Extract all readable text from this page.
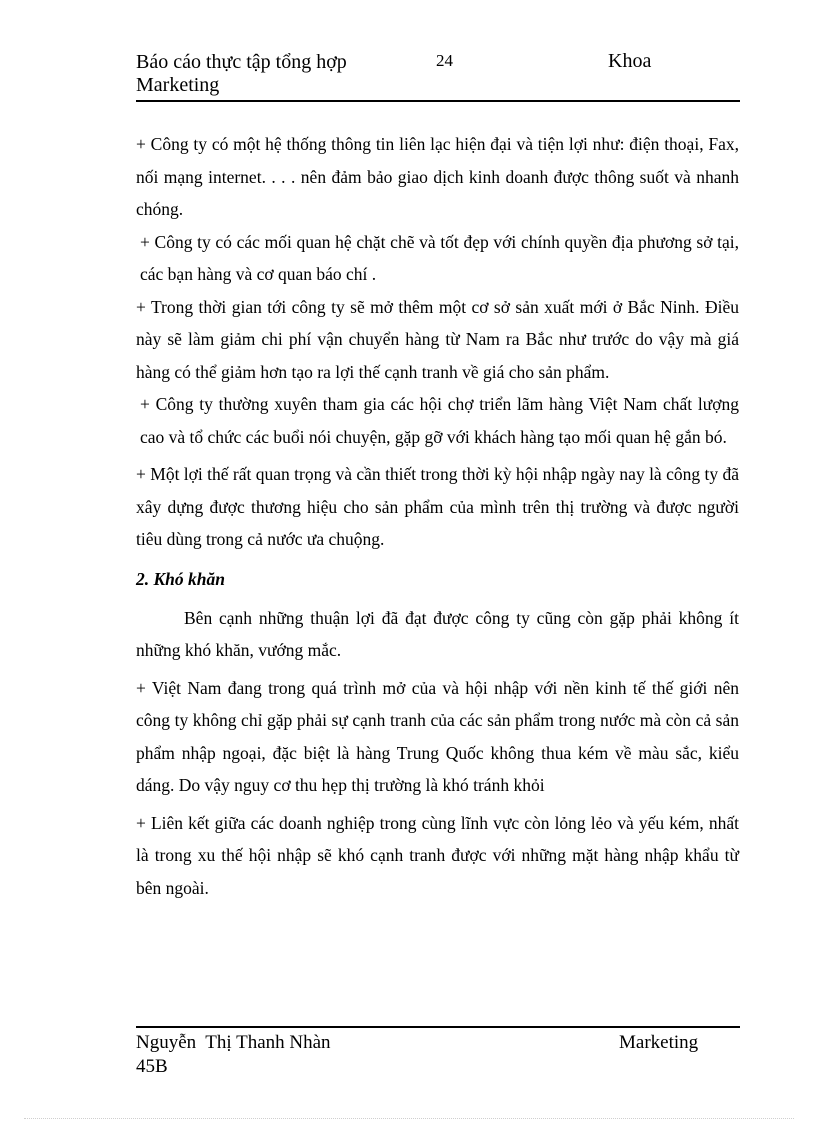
Báo cáo thực tập tổng hợp
Marketing
24	Khoa

+ Công ty có một hệ thống thông tin liên lạc hiện đại và tiện lợi như: điện thoại, Fax, nối mạng internet. . . . nên đảm bảo giao dịch kinh doanh được thông suốt và nhanh chóng.

+ Công ty có các mối quan hệ chặt chẽ và tốt đẹp với chính quyền địa phương sở tại, các bạn hàng và cơ quan báo chí .

+ Trong thời gian tới công ty sẽ mở thêm một cơ sở sản xuất mới ở Bắc Ninh. Điều này sẽ làm giảm chi phí vận chuyển hàng từ Nam ra Bắc như trước do vậy mà giá hàng có thể giảm hơn tạo ra lợi thế cạnh tranh về giá cho sản phẩm.

+ Công ty thường xuyên tham gia các hội chợ triển lãm hàng Việt Nam chất lượng cao và tổ chức các buổi nói chuyện, gặp gỡ với khách hàng tạo mối quan hệ gắn bó.

+ Một lợi thế rất quan trọng và cần thiết trong thời kỳ hội nhập ngày nay là công ty đã xây dựng được thương hiệu cho sản phẩm của mình trên thị trường và được người tiêu dùng trong cả nước ưa chuộng.

2. Khó khăn

Bên cạnh những thuận lợi đã đạt được công ty cũng còn gặp phải không ít những khó khăn, vướng mắc.

+ Việt Nam đang trong quá trình mở của và hội nhập với nền kinh tế thế giới nên công ty không chỉ gặp phải sự cạnh tranh của các sản phẩm trong nước mà còn cả sản phẩm nhập ngoại, đặc biệt là hàng Trung Quốc không thua kém về màu sắc, kiểu dáng. Do vậy nguy cơ thu hẹp thị trường là khó tránh khỏi

+ Liên kết giữa các doanh nghiệp trong cùng lĩnh vực còn lỏng lẻo và yếu kém, nhất là trong xu thế hội nhập sẽ khó cạnh tranh được với những mặt hàng nhập khẩu từ bên ngoài.

Nguyễn  Thị Thanh Nhàn
45B
Marketing
